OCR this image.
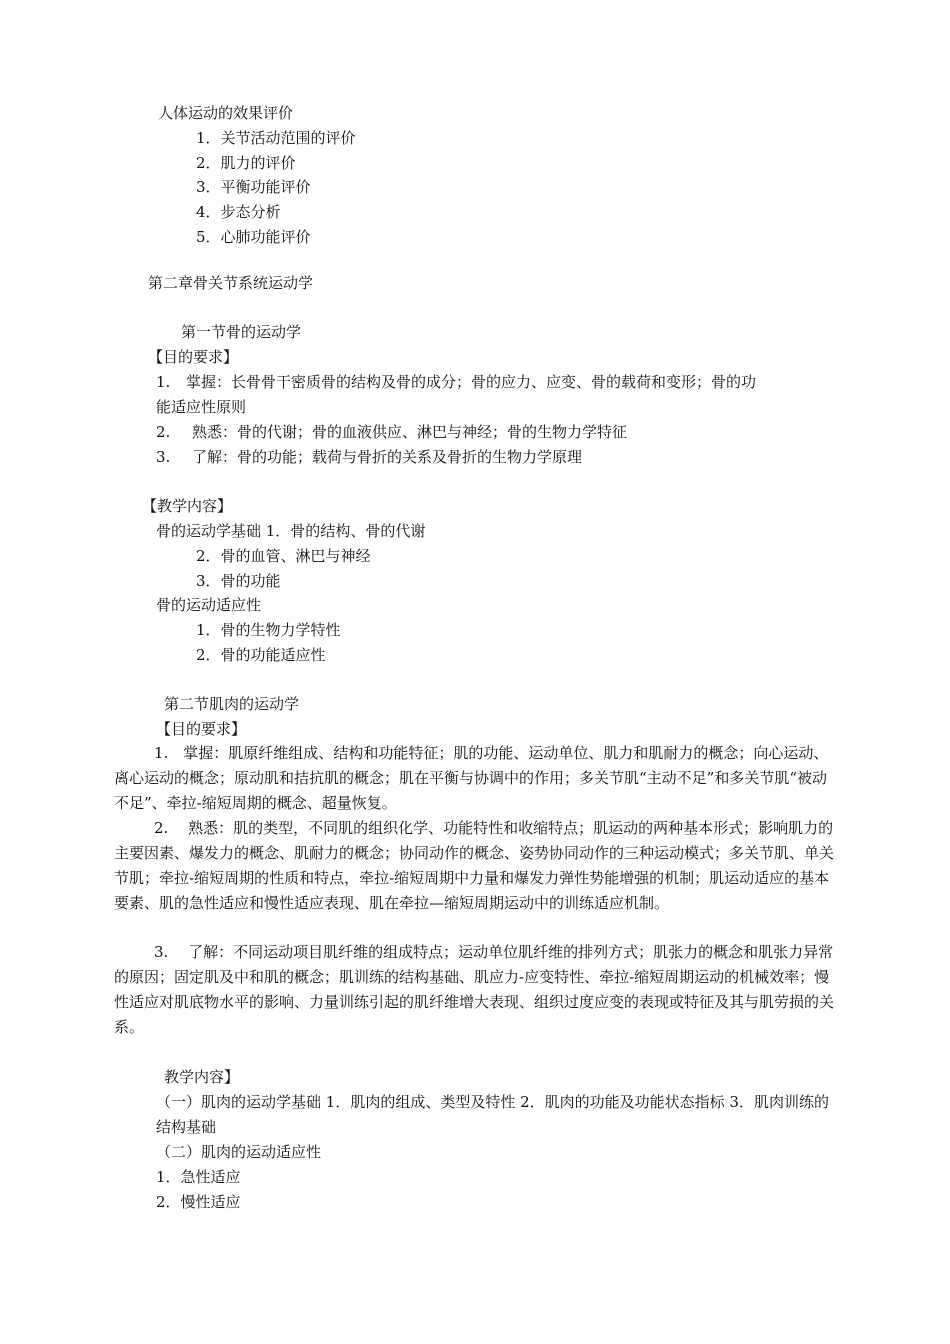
人体运动的效果评价
1．关节活动范围的评价
2．肌力的评价
3．平衡功能评价
4．步态分析
5．心肺功能评价
第二章骨关节系统运动学
第一节骨的运动学
【目的要求】
1. 掌握：长骨骨干密质骨的结构及骨的成分；骨的应力、应变、骨的载荷和变形；骨的功
能适应性原则
2. 熟悉：骨的代谢；骨的血液供应、淋巴与神经；骨的生物力学特征
3. 了解：骨的功能；载荷与骨折的关系及骨折的生物力学原理
【教学内容】
骨的运动学基础 1．骨的结构、骨的代谢
2．骨的血管、淋巴与神经
3．骨的功能
骨的运动适应性
1．骨的生物力学特性
2．骨的功能适应性
第二节肌肉的运动学
【目的要求】
1.　掌握：肌原纤维组成、结构和功能特征；肌的功能、运动单位、肌力和肌耐力的概念；向心运动、离心运动的概念；原动肌和拮抗肌的概念；肌在平衡与协调中的作用；多关节肌“主动不足”和多关节肌“被动不足”、牵拉-缩短周期的概念、超量恢复。
2.　 熟悉：肌的类型，不同肌的组织化学、功能特性和收缩特点；肌运动的两种基本形式；影响肌力的主要因素、爆发力的概念、肌耐力的概念；协同动作的概念、姿势协同动作的三种运动模式；多关节肌、单关节肌；牵拉-缩短周期的性质和特点，牵拉-缩短周期中力量和爆发力弹性势能增强的机制；肌运动适应的基本要素、肌的急性适应和慢性适应表现、肌在牵拉—缩短周期运动中的训练适应机制。
3.　 了解：不同运动项目肌纤维的组成特点；运动单位肌纤维的排列方式；肌张力的概念和肌张力异常的原因；固定肌及中和肌的概念；肌训练的结构基础、肌应力-应变特性、牵拉-缩短周期运动的机械效率；慢性适应对肌底物水平的影响、力量训练引起的肌纤维增大表现、组织过度应变的表现或特征及其与肌劳损的关系。
教学内容】
（一）肌肉的运动学基础 1．肌肉的组成、类型及特性 2．肌肉的功能及功能状态指标 3．肌肉训练的结构基础
（二）肌肉的运动适应性
1．急性适应
2．慢性适应
